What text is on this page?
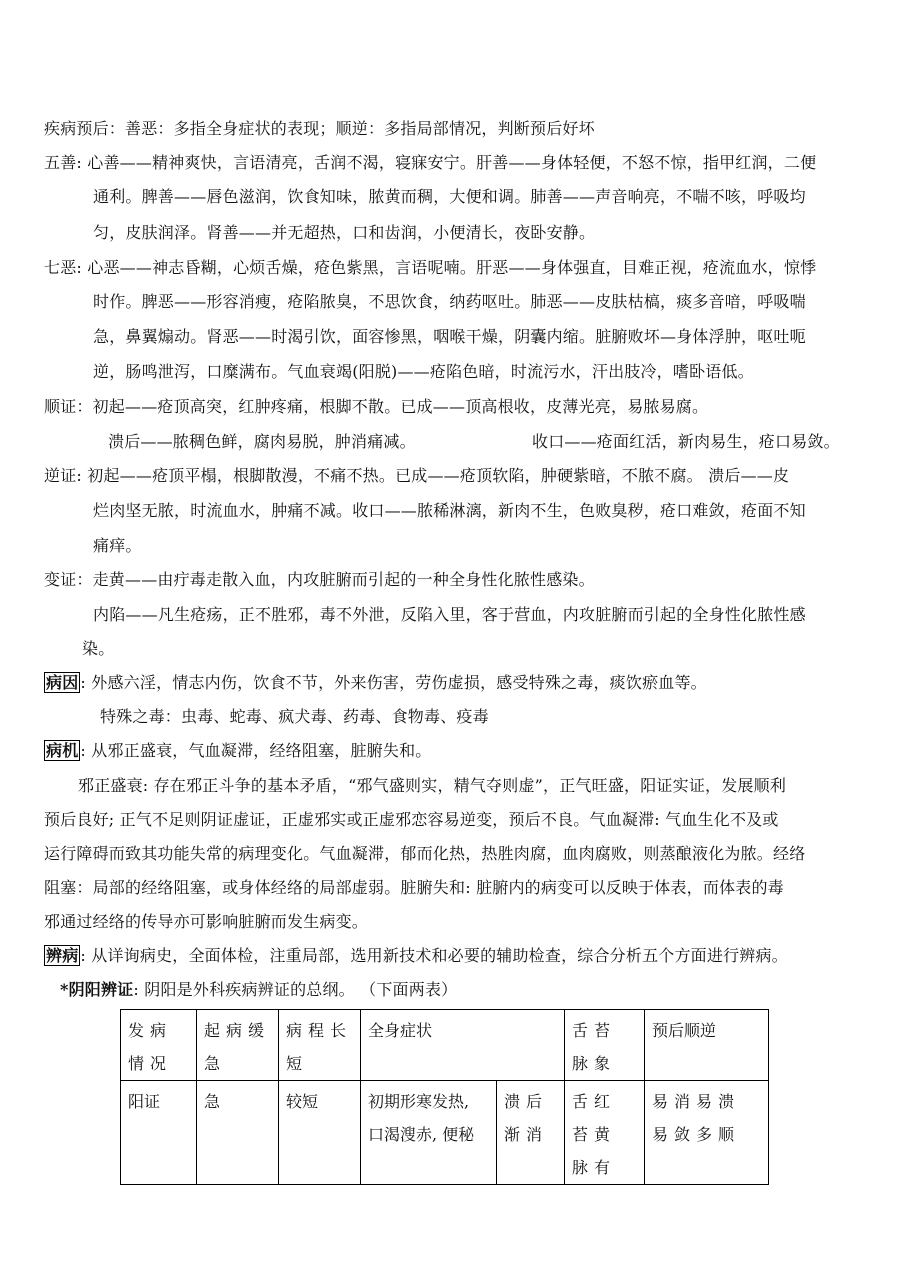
疾病预后：善恶：多指全身症状的表现；顺逆：多指局部情况，判断预后好坏
五善: 心善——精神爽快，言语清亮，舌润不渴，寝寐安宁。肝善——身体轻便，不怒不惊，指甲红润，二便
通利。脾善——唇色滋润，饮食知味，脓黄而稠，大便和调。肺善——声音响亮，不喘不咳，呼吸均
匀，皮肤润泽。肾善——并无超热，口和齿润，小便清长，夜卧安静。
七恶: 心恶——神志昏糊，心烦舌燥，疮色紫黑，言语呢喃。肝恶——身体强直，目难正视，疮流血水，惊悸
时作。脾恶——形容消瘦，疮陷脓臭，不思饮食，纳药呕吐。肺恶——皮肤枯槁，痰多音喑，呼吸喘
急，鼻翼煽动。肾恶——时渴引饮，面容惨黑，咽喉干燥，阴囊内缩。脏腑败坏—身体浮肿，呕吐呃
逆，肠鸣泄泻，口糜满布。气血衰竭(阳脱)——疮陷色暗，时流污水，汗出肢冷，嗜卧语低。
顺证：初起——疮顶高突，红肿疼痛，根脚不散。已成——顶高根收，皮薄光亮，易脓易腐。
溃后——脓稠色鲜，腐肉易脱，肿消痛减。	收口——疮面红活，新肉易生，疮口易敛。
逆证: 初起——疮顶平榻，根脚散漫，不痛不热。已成——疮顶软陷，肿硬紫暗，不脓不腐。 溃后——皮
烂肉坚无脓，时流血水，肿痛不减。收口——脓稀淋漓，新肉不生，色败臭秽，疮口难敛，疮面不知
痛痒。
变证：走黄——由疔毒走散入血，内攻脏腑而引起的一种全身性化脓性感染。
内陷——凡生疮疡，正不胜邪，毒不外泄，反陷入里，客于营血，内攻脏腑而引起的全身性化脓性感
染。
病因 : 外感六淫，情志内伤，饮食不节，外来伤害，劳伤虚损，感受特殊之毒，痰饮瘀血等。
特殊之毒：虫毒、蛇毒、疯犬毒、药毒、食物毒、疫毒
病机 : 从邪正盛衰，气血凝滞，经络阻塞，脏腑失和。
邪正盛衰: 存在邪正斗争的基本矛盾，“邪气盛则实，精气夺则虚”，正气旺盛，阳证实证，发展顺利
预后良好; 正气不足则阴证虚证，正虚邪实或正虚邪恋容易逆变，预后不良。气血凝滞: 气血生化不及或
运行障碍而致其功能失常的病理变化。气血凝滞，郁而化热，热胜肉腐，血肉腐败，则蒸酿液化为脓。经络
阻塞：局部的经络阻塞，或身体经络的局部虚弱。脏腑失和: 脏腑内的病变可以反映于体表，而体表的毒
邪通过经络的传导亦可影响脏腑而发生病变。
辨病 : 从详询病史，全面体检，注重局部，选用新技术和必要的辅助检查，综合分析五个方面进行辨病。
*阴阳辨证: 阴阳是外科疾病辨证的总纲。 （下面两表）
发病情况	起病缓急	病程长短	全身症状		舌苔脉象	预后顺逆
阳证	急	较短	初期形寒发热, 口渴溲赤, 便秘	溃后渐消	舌红苔黄脉有	易消易溃易敛多顺
